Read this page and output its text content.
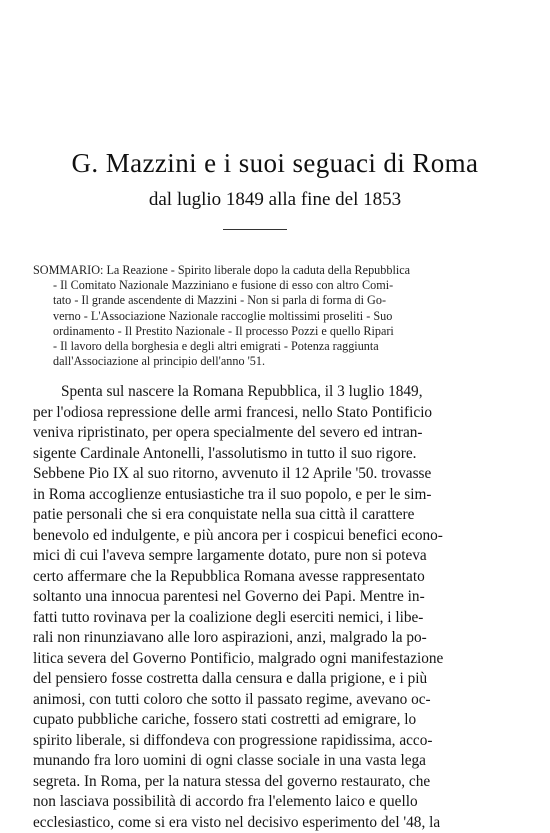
G. Mazzini e i suoi seguaci di Roma
dal luglio 1849 alla fine del 1853
SOMMARIO: La Reazione - Spirito liberale dopo la caduta della Repubblica
- Il Comitato Nazionale Mazziniano e fusione di esso con altro Comi-
tato - Il grande ascendente di Mazzini - Non si parla di forma di Go-
verno - L'Associazione Nazionale raccoglie moltissimi proseliti - Suo
ordinamento - Il Prestito Nazionale - Il processo Pozzi e quello Ripari
- Il lavoro della borghesia e degli altri emigrati - Potenza raggiunta
dall'Associazione al principio dell'anno '51.
Spenta sul nascere la Romana Repubblica, il 3 luglio 1849,
per l'odiosa repressione delle armi francesi, nello Stato Pontificio
veniva ripristinato, per opera specialmente del severo ed intran-
sigente Cardinale Antonelli, l'assolutismo in tutto il suo rigore.
Sebbene Pio IX al suo ritorno, avvenuto il 12 Aprile '50. trovasse
in Roma accoglienze entusiastiche tra il suo popolo, e per le sim-
patie personali che si era conquistate nella sua città il carattere
benevolo ed indulgente, e più ancora per i cospicui benefici econo-
mici di cui l'aveva sempre largamente dotato, pure non si poteva
certo affermare che la Repubblica Romana avesse rappresentato
soltanto una innocua parentesi nel Governo dei Papi. Mentre in-
fatti tutto rovinava per la coalizione degli eserciti nemici, i libe-
rali non rinunziavano alle loro aspirazioni, anzi, malgrado la po-
litica severa del Governo Pontificio, malgrado ogni manifestazione
del pensiero fosse costretta dalla censura e dalla prigione, e i più
animosi, con tutti coloro che sotto il passato regime, avevano oc-
cupato pubbliche cariche, fossero stati costretti ad emigrare, lo
spirito liberale, si diffondeva con progressione rapidissima, acco-
munando fra loro uomini di ogni classe sociale in una vasta lega
segreta. In Roma, per la natura stessa del governo restaurato, che
non lasciava possibilità di accordo fra l'elemento laico e quello
ecclesiastico, come si era visto nel decisivo esperimento del '48, la
